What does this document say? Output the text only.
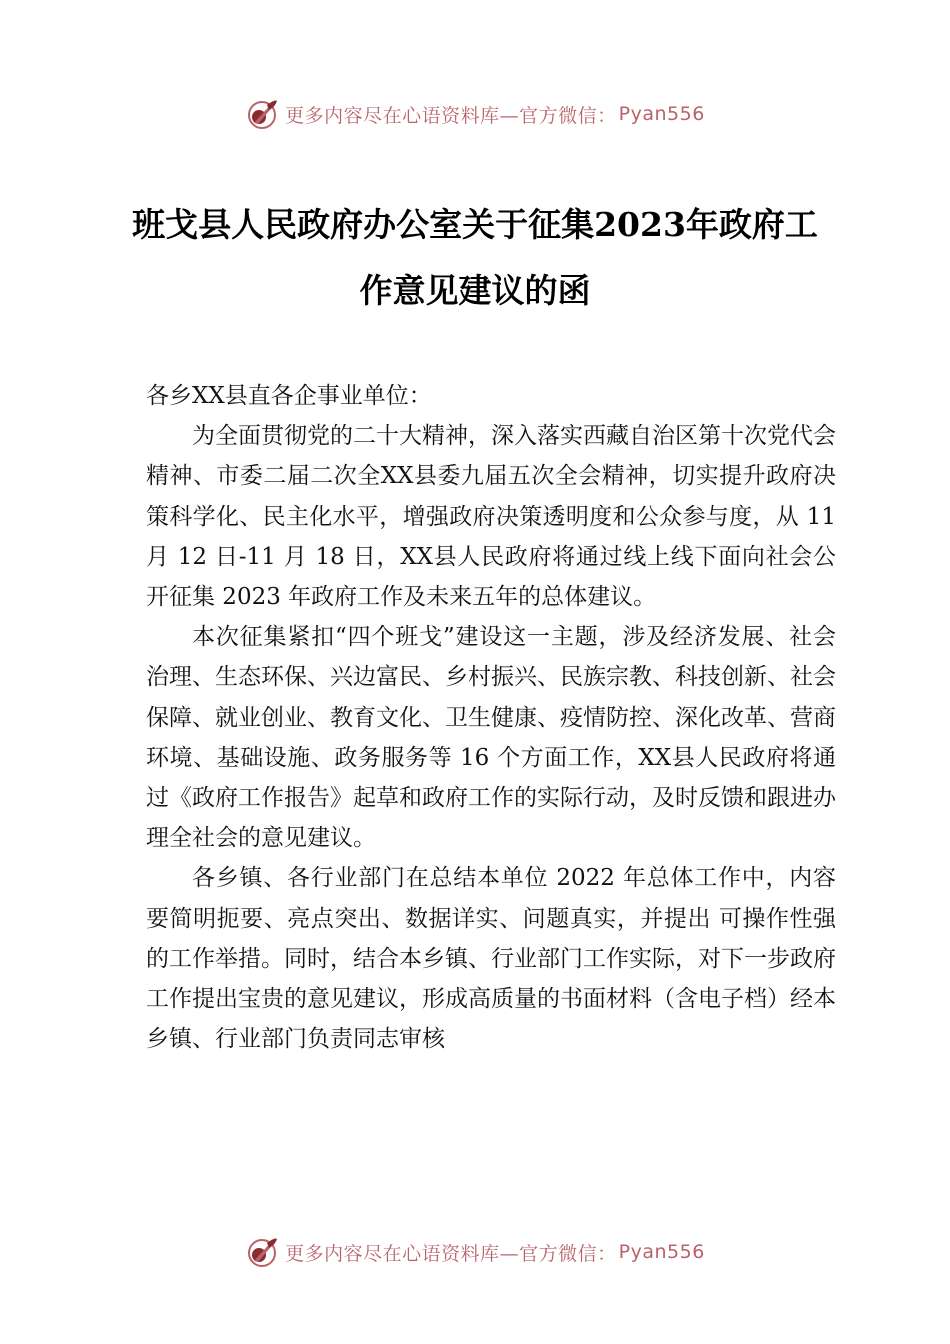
更多内容尽在心语资料库—官方微信： Pyan556
班戈县人民政府办公室关于征集2023年政府工作意见建议的函

各乡XX县直各企事业单位：

为全面贯彻党的二十大精神，深入落实西藏自治区第十次党代会精神、市委二届二次全XX县委九届五次全会精神，切实提升政府决策科学化、民主化水平，增强政府决策透明度和公众参与度，从 11 月 12 日-11 月 18 日，XX县人民政府将通过线上线下面向社会公开征集 2023 年政府工作及未来五年的总体建议。

本次征集紧扣“四个班戈”建设这一主题，涉及经济发展、社会治理、生态环保、兴边富民、乡村振兴、民族宗教、科技创新、社会保障、就业创业、教育文化、卫生健康、疫情防控、深化改革、营商环境、基础设施、政务服务等 16 个方面工作，XX县人民政府将通过《政府工作报告》起草和政府工作的实际行动，及时反馈和跟进办理全社会的意见建议。

各乡镇、各行业部门在总结本单位 2022 年总体工作中，内容要简明扼要、亮点突出、数据详实、问题真实，并提出 可操作性强的工作举措。同时，结合本乡镇、行业部门工作实际，对下一步政府工作提出宝贵的意见建议，形成高质量的书面材料（含电子档）经本乡镇、行业部门负责同志审核

更多内容尽在心语资料库—官方微信： Pyan556
